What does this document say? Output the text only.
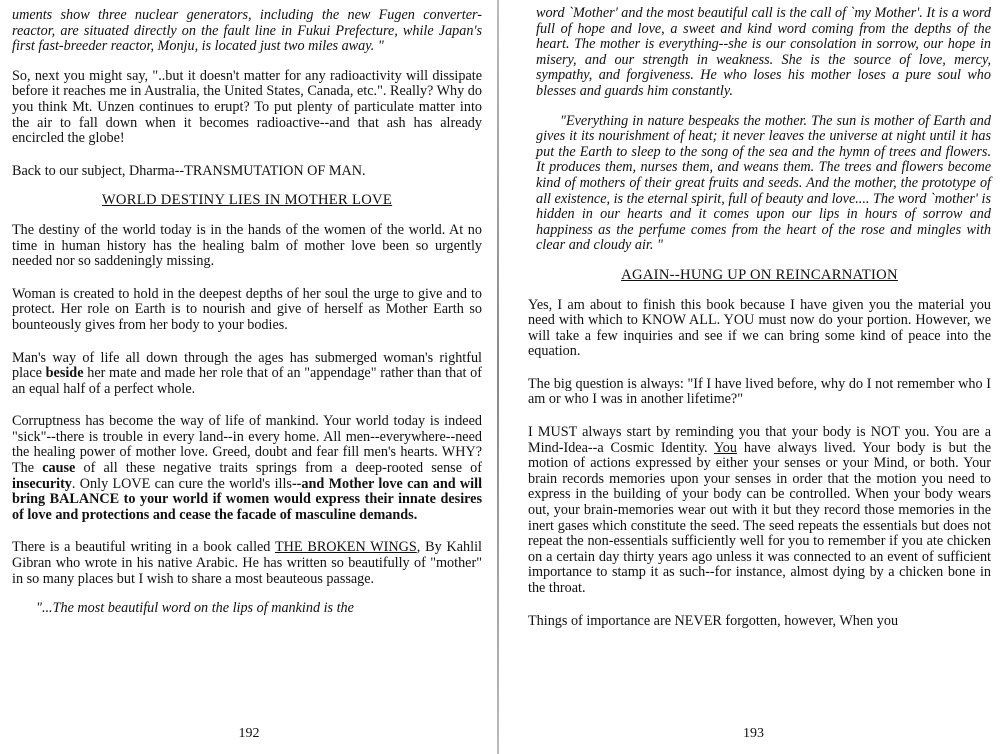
uments show three nuclear generators, including the new Fugen converter-reactor, are situated directly on the fault line in Fukui Prefecture, while Japan's first fast-breeder reactor, Monju, is located just two miles away. "

So, next you might say, "..but it doesn't matter for any radioactivity will dissipate before it reaches me in Australia, the United States, Canada, etc.". Really? Why do you think Mt. Unzen continues to erupt? To put plenty of particulate matter into the air to fall down when it becomes radioactive--and that ash has already encircled the globe!

Back to our subject, Dharma--TRANSMUTATION OF MAN.

WORLD DESTINY LIES IN MOTHER LOVE

The destiny of the world today is in the hands of the women of the world. At no time in human history has the healing balm of mother love been so urgently needed nor so saddeningly missing.

Woman is created to hold in the deepest depths of her soul the urge to give and to protect. Her role on Earth is to nourish and give of herself as Mother Earth so bounteously gives from her body to your bodies.

Man's way of life all down through the ages has submerged woman's rightful place beside her mate and made her role that of an "appendage" rather than that of an equal half of a perfect whole.

Corruptness has become the way of life of mankind. Your world today is indeed "sick"--there is trouble in every land--in every home. All men--everywhere--need the healing power of mother love. Greed, doubt and fear fill men's hearts. WHY? The cause of all these negative traits springs from a deep-rooted sense of insecurity. Only LOVE can cure the world's ills--and Mother love can and will bring BALANCE to your world if women would express their innate desires of love and protections and cease the facade of masculine demands.

There is a beautiful writing in a book called THE BROKEN WINGS, By Kahlil Gibran who wrote in his native Arabic. He has written so beautifully of "mother" in so many places but I wish to share a most beauteous passage.

"...The most beautiful word on the lips of mankind is the

192

word `Mother' and the most beautiful call is the call of `my Mother'. It is a word full of hope and love, a sweet and kind word coming from the depths of the heart. The mother is everything--she is our consolation in sorrow, our hope in misery, and our strength in weakness. She is the source of love, mercy, sympathy, and forgiveness. He who loses his mother loses a pure soul who blesses and guards him constantly.

"Everything in nature bespeaks the mother. The sun is mother of Earth and gives it its nourishment of heat; it never leaves the universe at night until it has put the Earth to sleep to the song of the sea and the hymn of trees and flowers. It produces them, nurses them, and weans them. The trees and flowers become kind of mothers of their great fruits and seeds. And the mother, the prototype of all existence, is the eternal spirit, full of beauty and love.... The word `mother' is hidden in our hearts and it comes upon our lips in hours of sorrow and happiness as the perfume comes from the heart of the rose and mingles with clear and cloudy air. "

AGAIN--HUNG UP ON REINCARNATION

Yes, I am about to finish this book because I have given you the material you need with which to KNOW ALL. YOU must now do your portion. However, we will take a few inquiries and see if we can bring some kind of peace into the equation.

The big question is always: "If I have lived before, why do I not remember who I am or who I was in another lifetime?"

I MUST always start by reminding you that your body is NOT you. You are a Mind-Idea--a Cosmic Identity. You have always lived. Your body is but the motion of actions expressed by either your senses or your Mind, or both. Your brain records memories upon your senses in order that the motion you need to express in the building of your body can be controlled. When your body wears out, your brain-memories wear out with it but they record those memories in the inert gases which constitute the seed. The seed repeats the essentials but does not repeat the non-essentials sufficiently well for you to remember if you ate chicken on a certain day thirty years ago unless it was connected to an event of sufficient importance to stamp it as such--for instance, almost dying by a chicken bone in the throat.

Things of importance are NEVER forgotten, however, When you

193
